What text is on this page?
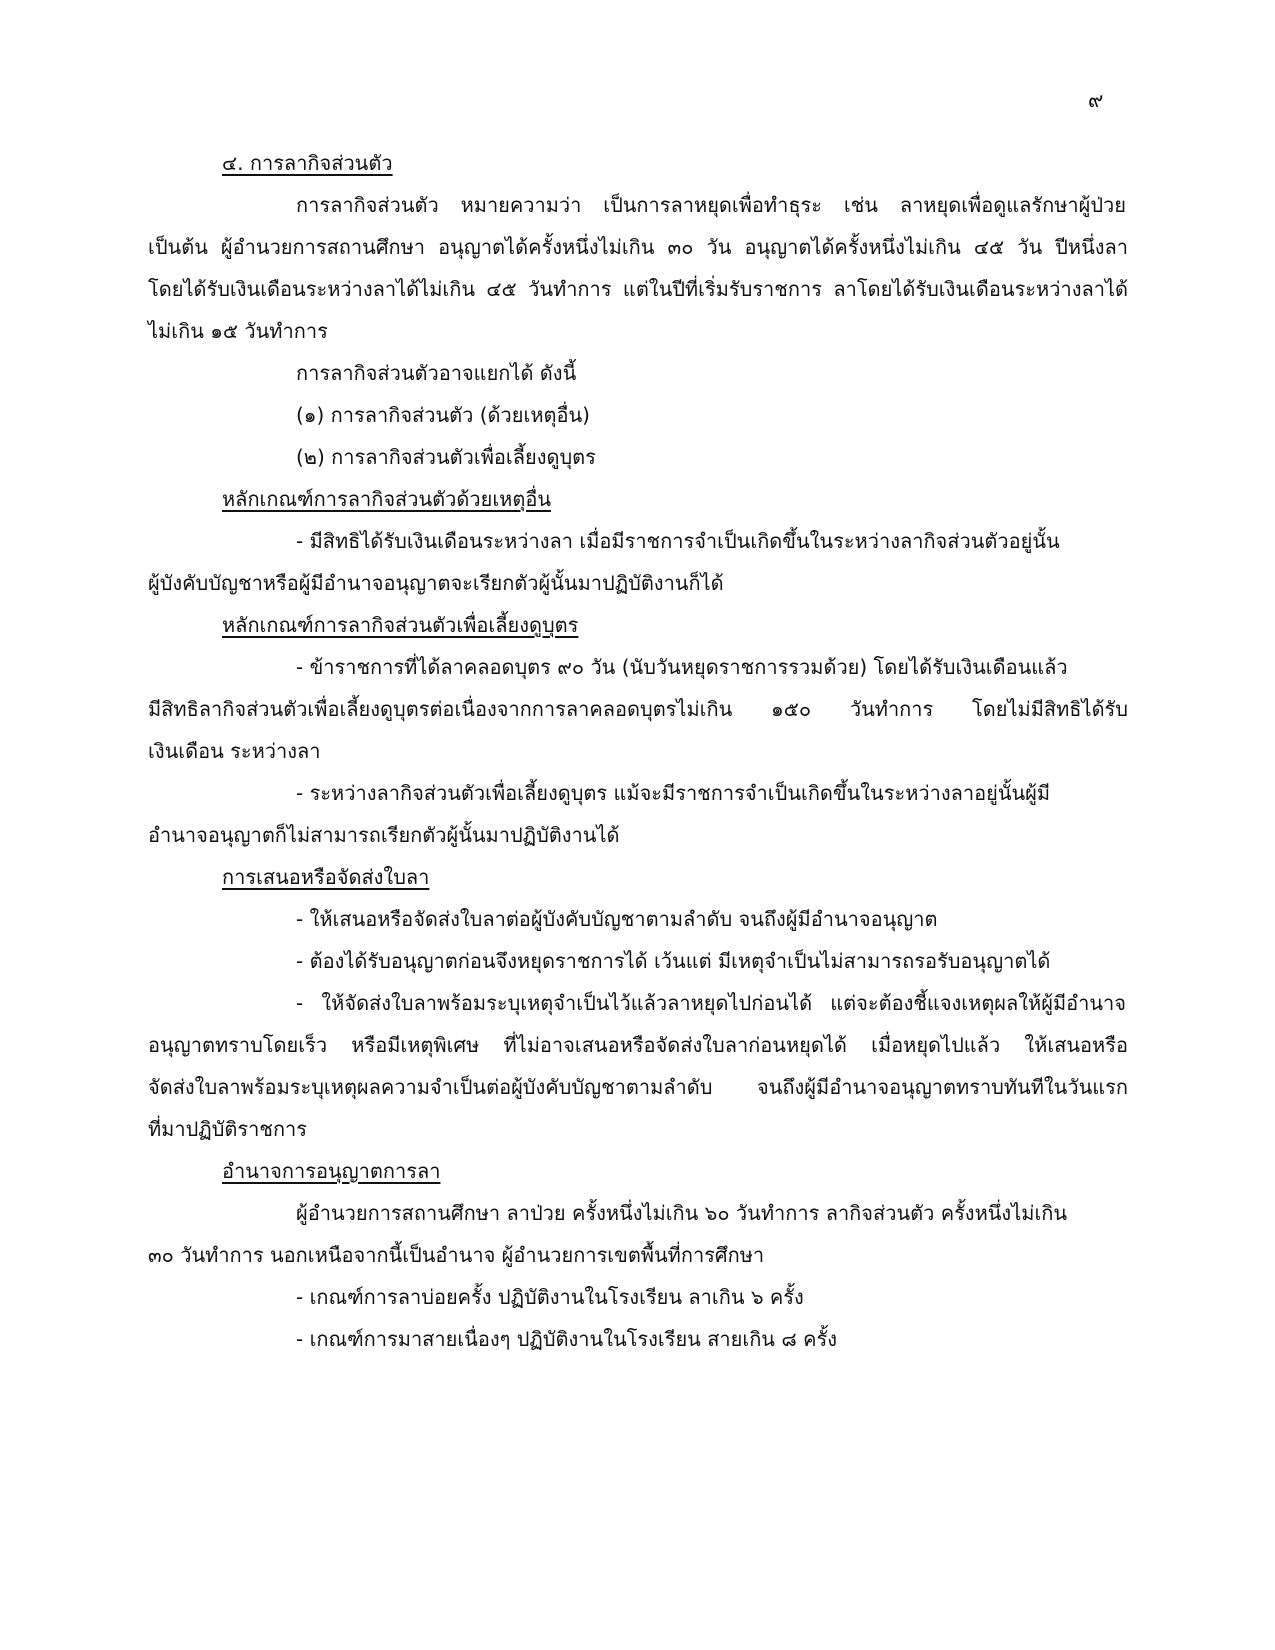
๙
๔. การลากิจส่วนตัว
การลากิจส่วนตัว หมายความว่า เป็นการลาหยุดเพื่อทำธุระ เช่น ลาหยุดเพื่อดูแลรักษาผู้ป่วย
เป็นต้น ผู้อำนวยการสถานศึกษา อนุญาตได้ครั้งหนึ่งไม่เกิน ๓๐ วัน อนุญาตได้ครั้งหนึ่งไม่เกิน ๔๕ วัน ปีหนึ่งลา
โดยได้รับเงินเดือนระหว่างลาได้ไม่เกิน ๔๕ วันทำการ แต่ในปีที่เริ่มรับราชการ ลาโดยได้รับเงินเดือนระหว่างลาได้
ไม่เกิน ๑๕ วันทำการ
การลากิจส่วนตัวอาจแยกได้ ดังนี้
(๑) การลากิจส่วนตัว (ด้วยเหตุอื่น)
(๒) การลากิจส่วนตัวเพื่อเลี้ยงดูบุตร
หลักเกณฑ์การลากิจส่วนตัวด้วยเหตุอื่น
- มีสิทธิได้รับเงินเดือนระหว่างลา เมื่อมีราชการจำเป็นเกิดขึ้นในระหว่างลากิจส่วนตัวอยู่นั้น
ผู้บังคับบัญชาหรือผู้มีอำนาจอนุญาตจะเรียกตัวผู้นั้นมาปฏิบัติงานก็ได้
หลักเกณฑ์การลากิจส่วนตัวเพื่อเลี้ยงดูบุตร
- ข้าราชการที่ได้ลาคลอดบุตร ๙๐ วัน (นับวันหยุดราชการรวมด้วย) โดยได้รับเงินเดือนแล้ว
มีสิทธิลากิจส่วนตัวเพื่อเลี้ยงดูบุตรต่อเนื่องจากการลาคลอดบุตรไม่เกิน ๑๕๐ วันทำการ โดยไม่มีสิทธิได้รับ
เงินเดือน ระหว่างลา
- ระหว่างลากิจส่วนตัวเพื่อเลี้ยงดูบุตร แม้จะมีราชการจำเป็นเกิดขึ้นในระหว่างลาอยู่นั้นผู้มี
อำนาจอนุญาตก็ไม่สามารถเรียกตัวผู้นั้นมาปฏิบัติงานได้
การเสนอหรือจัดส่งใบลา
- ให้เสนอหรือจัดส่งใบลาต่อผู้บังคับบัญชาตามลำดับ จนถึงผู้มีอำนาจอนุญาต
- ต้องได้รับอนุญาตก่อนจึงหยุดราชการได้ เว้นแต่ มีเหตุจำเป็นไม่สามารถรอรับอนุญาตได้
- ให้จัดส่งใบลาพร้อมระบุเหตุจำเป็นไว้แล้วลาหยุดไปก่อนได้ แต่จะต้องชี้แจงเหตุผลให้ผู้มีอำนาจ
อนุญาตทราบโดยเร็ว หรือมีเหตุพิเศษ ที่ไม่อาจเสนอหรือจัดส่งใบลาก่อนหยุดได้ เมื่อหยุดไปแล้ว ให้เสนอหรือ
จัดส่งใบลาพร้อมระบุเหตุผลความจำเป็นต่อผู้บังคับบัญชาตามลำดับ จนถึงผู้มีอำนาจอนุญาตทราบทันทีในวันแรก
ที่มาปฏิบัติราชการ
อำนาจการอนุญาตการลา
ผู้อำนวยการสถานศึกษา ลาป่วย ครั้งหนึ่งไม่เกิน ๖๐ วันทำการ ลากิจส่วนตัว ครั้งหนึ่งไม่เกิน
๓๐ วันทำการ นอกเหนือจากนี้เป็นอำนาจ ผู้อำนวยการเขตพื้นที่การศึกษา
- เกณฑ์การลาบ่อยครั้ง ปฏิบัติงานในโรงเรียน ลาเกิน ๖ ครั้ง
- เกณฑ์การมาสายเนื่องๆ ปฏิบัติงานในโรงเรียน สายเกิน ๘ ครั้ง
